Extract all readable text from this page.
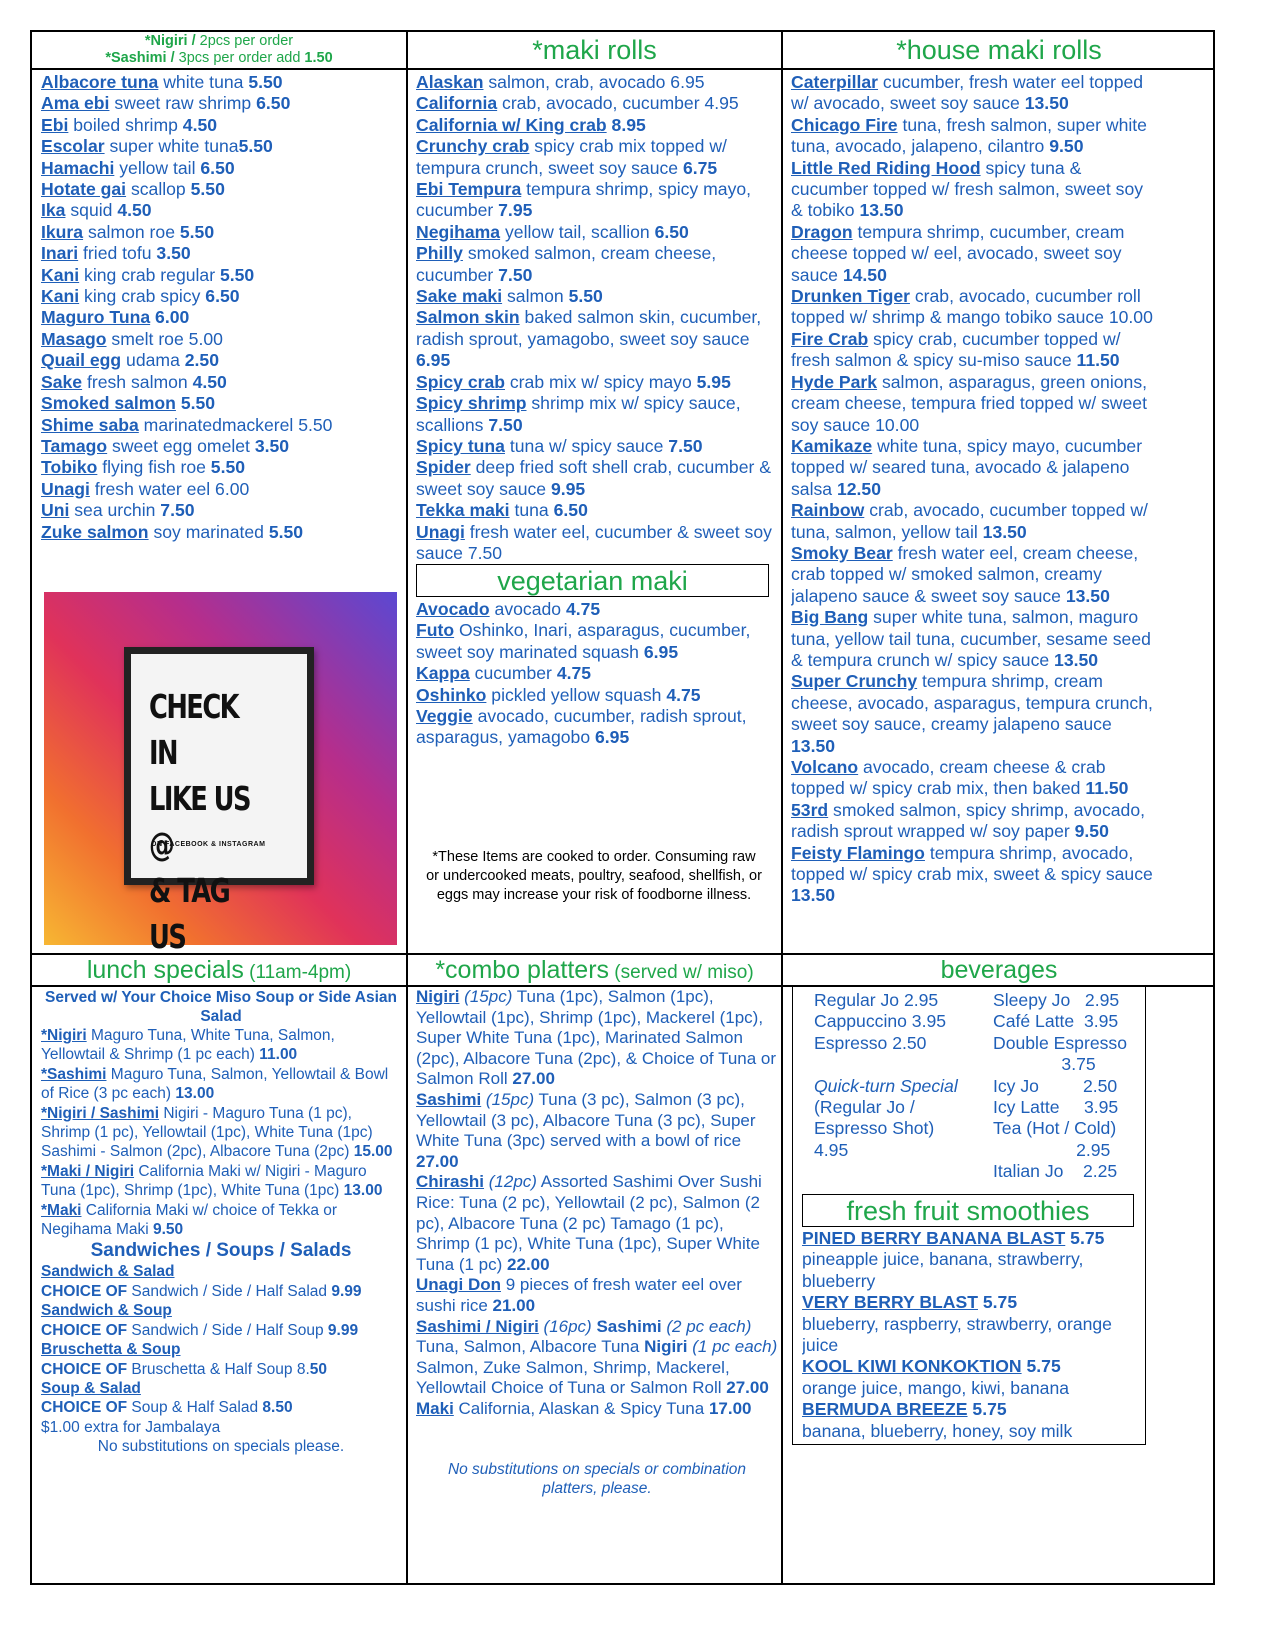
*Nigiri / 2pcs per order
*Sashimi / 3pcs per order add 1.50
Albacore tuna white tuna 5.50
Ama ebi sweet raw shrimp 6.50
Ebi boiled shrimp 4.50
Escolar super white tuna5.50
Hamachi yellow tail 6.50
Hotate gai scallop 5.50
Ika squid 4.50
Ikura salmon roe 5.50
Inari fried tofu 3.50
Kani king crab regular 5.50
Kani king crab spicy 6.50
Maguro Tuna 6.00
Masago smelt roe 5.00
Quail egg udama 2.50
Sake fresh salmon 4.50
Smoked salmon 5.50
Shime saba marinatedmackerel 5.50
Tamago sweet egg omelet 3.50
Tobiko flying fish roe 5.50
Unagi fresh water eel 6.00
Uni sea urchin 7.50
Zuke salmon soy marinated 5.50
CHECK IN
LIKE US @
& TAG US
ON FACEBOOK & INSTAGRAM
*maki rolls
Alaskan salmon, crab, avocado 6.95
California crab, avocado, cucumber 4.95
California w/ King crab 8.95
Crunchy crab spicy crab mix topped w/ tempura crunch, sweet soy sauce 6.75
Ebi Tempura tempura shrimp, spicy mayo, cucumber 7.95
Negihama yellow tail, scallion 6.50
Philly smoked salmon, cream cheese, cucumber 7.50
Sake maki salmon 5.50
Salmon skin baked salmon skin, cucumber, radish sprout, yamagobo, sweet soy sauce 6.95
Spicy crab crab mix w/ spicy mayo 5.95
Spicy shrimp shrimp mix w/ spicy sauce, scallions 7.50
Spicy tuna tuna w/ spicy sauce 7.50
Spider deep fried soft shell crab, cucumber & sweet soy sauce 9.95
Tekka maki tuna 6.50
Unagi fresh water eel, cucumber & sweet soy sauce 7.50
vegetarian maki
Avocado avocado 4.75
Futo Oshinko, Inari, asparagus, cucumber, sweet soy marinated squash 6.95
Kappa cucumber 4.75
Oshinko pickled yellow squash 4.75
Veggie avocado, cucumber, radish sprout, asparagus, yamagobo 6.95
*These Items are cooked to order. Consuming raw or undercooked meats, poultry, seafood, shellfish, or eggs may increase your risk of foodborne illness.
*house maki rolls
Caterpillar cucumber, fresh water eel topped w/ avocado, sweet soy sauce 13.50
Chicago Fire tuna, fresh salmon, super white tuna, avocado, jalapeno, cilantro 9.50
Little Red Riding Hood spicy tuna & cucumber topped w/ fresh salmon, sweet soy & tobiko 13.50
Dragon tempura shrimp, cucumber, cream cheese topped w/ eel, avocado, sweet soy sauce 14.50
Drunken Tiger crab, avocado, cucumber roll topped w/ shrimp & mango tobiko sauce 10.00
Fire Crab spicy crab, cucumber topped w/ fresh salmon & spicy su-miso sauce 11.50
Hyde Park salmon, asparagus, green onions, cream cheese, tempura fried topped w/ sweet soy sauce 10.00
Kamikaze white tuna, spicy mayo, cucumber topped w/ seared tuna, avocado & jalapeno salsa 12.50
Rainbow crab, avocado, cucumber topped w/ tuna, salmon, yellow tail 13.50
Smoky Bear fresh water eel, cream cheese, crab topped w/ smoked salmon, creamy jalapeno sauce & sweet soy sauce 13.50
Big Bang super white tuna, salmon, maguro tuna, yellow tail tuna, cucumber, sesame seed & tempura crunch w/ spicy sauce 13.50
Super Crunchy tempura shrimp, cream cheese, avocado, asparagus, tempura crunch, sweet soy sauce, creamy jalapeno sauce 13.50
Volcano avocado, cream cheese & crab topped w/ spicy crab mix, then baked 11.50
53rd smoked salmon, spicy shrimp, avocado, radish sprout wrapped w/ soy paper 9.50
Feisty Flamingo tempura shrimp, avocado, topped w/ spicy crab mix, sweet & spicy sauce 13.50
lunch specials (11am-4pm)	*combo platters (served w/ miso)	beverages
Served w/ Your Choice Miso Soup or Side Asian Salad
*Nigiri Maguro Tuna, White Tuna, Salmon, Yellowtail & Shrimp (1 pc each) 11.00
*Sashimi Maguro Tuna, Salmon, Yellowtail & Bowl of Rice (3 pc each) 13.00
*Nigiri / Sashimi Nigiri - Maguro Tuna (1 pc), Shrimp (1 pc), Yellowtail (1pc), White Tuna (1pc) Sashimi - Salmon (2pc), Albacore Tuna (2pc) 15.00
*Maki / Nigiri California Maki w/ Nigiri - Maguro Tuna (1pc), Shrimp (1pc), White Tuna (1pc) 13.00
*Maki California Maki w/ choice of Tekka or Negihama Maki 9.50
Sandwiches / Soups / Salads
Sandwich & Salad
CHOICE OF Sandwich / Side / Half Salad 9.99
Sandwich & Soup
CHOICE OF Sandwich / Side / Half Soup 9.99
Bruschetta & Soup
CHOICE OF Bruschetta & Half Soup 8.50
Soup & Salad
CHOICE OF Soup & Half Salad 8.50
$1.00 extra for Jambalaya
No substitutions on specials please.
Nigiri (15pc) Tuna (1pc), Salmon (1pc), Yellowtail (1pc), Shrimp (1pc), Mackerel (1pc), Super White Tuna (1pc), Marinated Salmon (2pc), Albacore Tuna (2pc), & Choice of Tuna or Salmon Roll 27.00
Sashimi (15pc) Tuna (3 pc), Salmon (3 pc), Yellowtail (3 pc), Albacore Tuna (3 pc), Super White Tuna (3pc) served with a bowl of rice 27.00
Chirashi (12pc) Assorted Sashimi Over Sushi Rice: Tuna (2 pc), Yellowtail (2 pc), Salmon (2 pc), Albacore Tuna (2 pc) Tamago (1 pc), Shrimp (1 pc), White Tuna (1pc), Super White Tuna (1 pc) 22.00
Unagi Don 9 pieces of fresh water eel over sushi rice 21.00
Sashimi / Nigiri (16pc) Sashimi (2 pc each) Tuna, Salmon, Albacore Tuna Nigiri (1 pc each) Salmon, Zuke Salmon, Shrimp, Mackerel, Yellowtail Choice of Tuna or Salmon Roll 27.00
Maki California, Alaskan & Spicy Tuna 17.00
No substitutions on specials or combination platters, please.
Regular Jo 2.95
Cappuccino 3.95
Espresso 2.50

Quick-turn Special
(Regular Jo /
Espresso Shot)
4.95
Sleepy Jo   2.95
Café Latte  3.95
Double Espresso
3.75
Icy Jo         2.50
Icy Latte     3.95
Tea (Hot / Cold)
2.95
Italian Jo    2.25
fresh fruit smoothies
PINED BERRY BANANA BLAST 5.75
pineapple juice, banana, strawberry, blueberry
VERY BERRY BLAST 5.75
blueberry, raspberry, strawberry, orange juice
KOOL KIWI KONKOKTION 5.75
orange juice, mango, kiwi, banana
BERMUDA BREEZE 5.75
banana, blueberry, honey, soy milk
